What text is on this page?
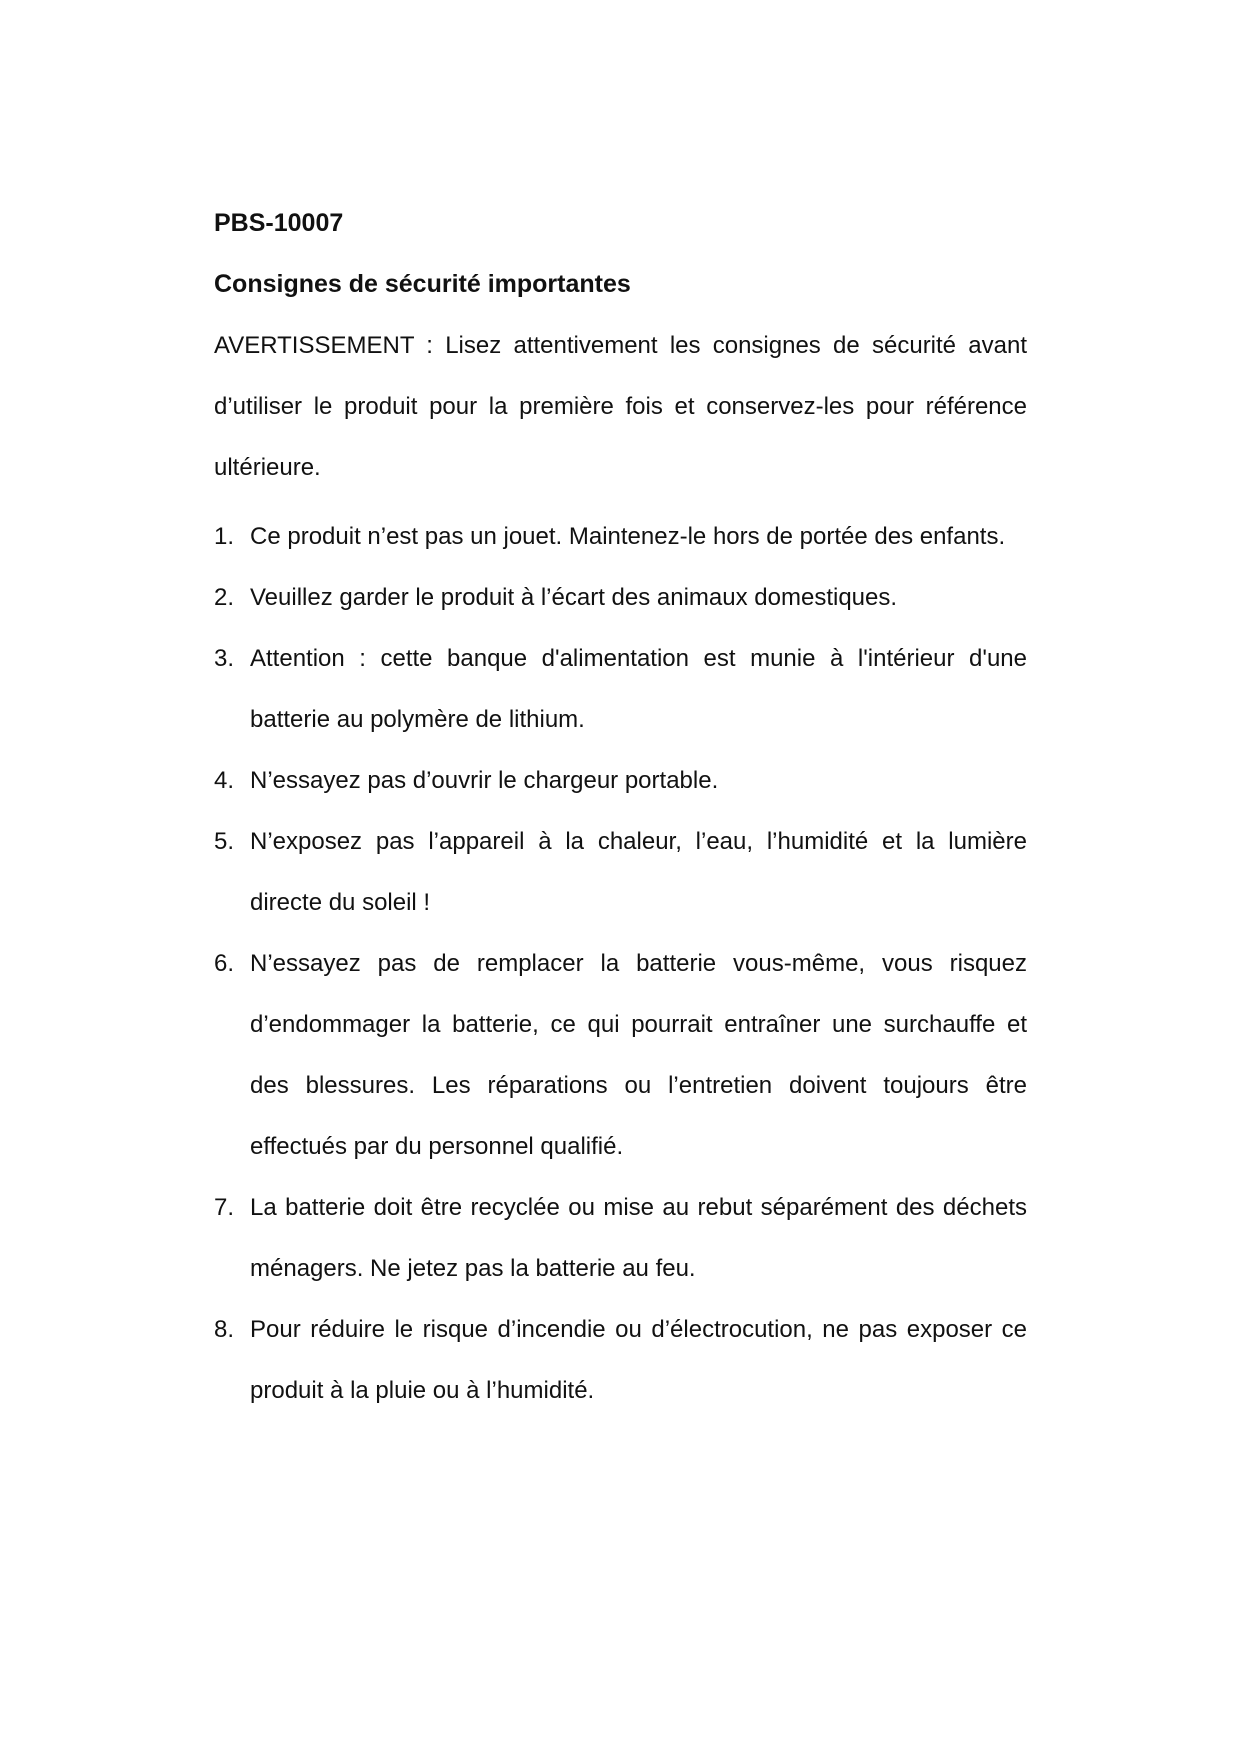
PBS-10007
Consignes de sécurité importantes

AVERTISSEMENT : Lisez attentivement les consignes de sécurité avant d’utiliser le produit pour la première fois et conservez-les pour référence ultérieure.

1. Ce produit n’est pas un jouet. Maintenez-le hors de portée des enfants.
2. Veuillez garder le produit à l’écart des animaux domestiques.
3. Attention : cette banque d'alimentation est munie à l'intérieur d'une batterie au polymère de lithium.
4. N’essayez pas d’ouvrir le chargeur portable.
5. N’exposez pas l’appareil à la chaleur, l’eau, l’humidité et la lumière directe du soleil !
6. N’essayez pas de remplacer la batterie vous-même, vous risquez d’endommager la batterie, ce qui pourrait entraîner une surchauffe et des blessures. Les réparations ou l’entretien doivent toujours être effectués par du personnel qualifié.
7. La batterie doit être recyclée ou mise au rebut séparément des déchets ménagers. Ne jetez pas la batterie au feu.
8. Pour réduire le risque d’incendie ou d’électrocution, ne pas exposer ce produit à la pluie ou à l’humidité.
